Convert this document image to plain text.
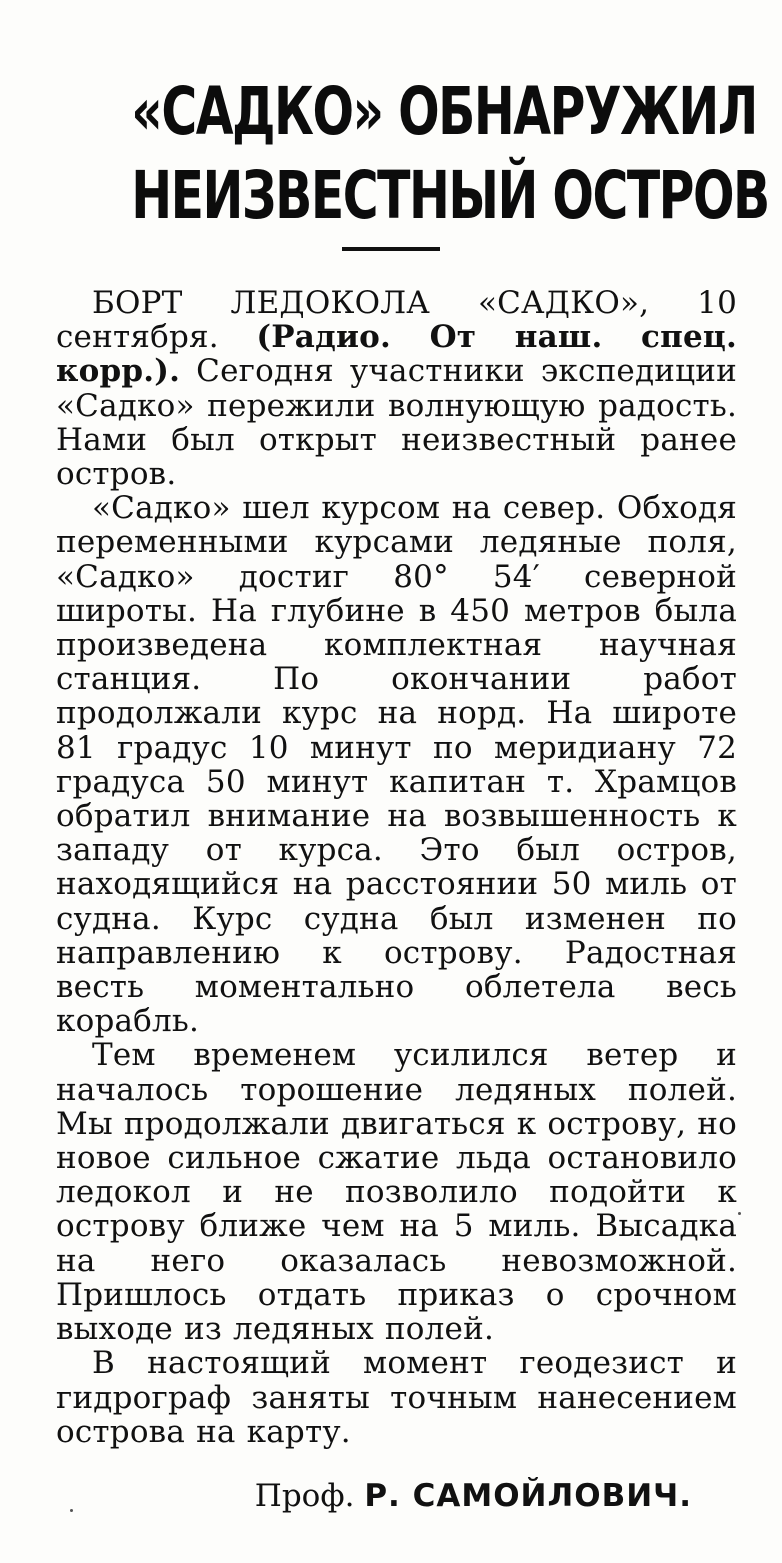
«САДКО» ОБНАРУЖИЛ
НЕИЗВЕСТНЫЙ ОСТРОВ

БОРТ ЛЕДОКОЛА «САДКО», 10 сентября. (Радио. От наш. спец. корр.). Сегодня участники экспедиции «Садко» пережили волнующую радость. Нами был открыт неизвестный ранее остров.

«Садко» шел курсом на север. Обходя переменными курсами ледяные поля, «Садко» достиг 80° 54′ северной широты. На глубине в 450 метров была произведена комплектная научная станция. По окончании работ продолжали курс на норд. На широте 81 градус 10 минут по меридиану 72 градуса 50 минут капитан т. Храмцов обратил внимание на возвышенность к западу от курса. Это был остров, находящийся на расстоянии 50 миль от судна. Курс судна был изменен по направлению к острову. Радостная весть моментально облетела весь корабль.

Тем временем усилился ветер и началось торошение ледяных полей. Мы продолжали двигаться к острову, но новое сильное сжатие льда остановило ледокол и не позволило подойти к острову ближе чем на 5 миль. Высадка на него оказалась невозможной. Пришлось отдать приказ о срочном выходе из ледяных полей.

В настоящий момент геодезист и гидрограф заняты точным нанесением острова на карту.

Проф. Р. САМОЙЛОВИЧ.
